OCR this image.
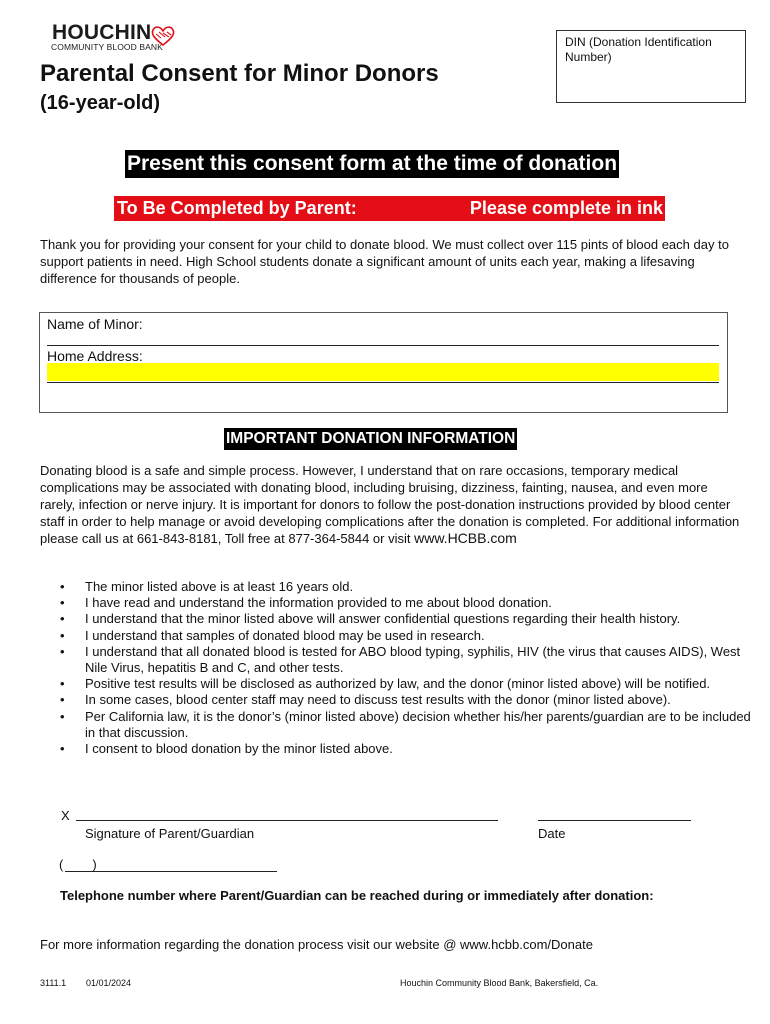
HOUCHIN
COMMUNITY BLOOD BANK	DIN (Donation Identification Number)
Parental Consent for Minor Donors
(16-year-old)
Present this consent form at the time of donation
To Be Completed by Parent:	Please complete in ink
Thank you for providing your consent for your child to donate blood. We must collect over 115 pints of blood each day to support patients in need. High School students donate a significant amount of units each year, making a lifesaving difference for thousands of people.
Name of Minor:
Home Address:
IMPORTANT DONATION INFORMATION
Donating blood is a safe and simple process. However, I understand that on rare occasions, temporary medical complications may be associated with donating blood, including bruising, dizziness, fainting, nausea, and even more rarely, infection or nerve injury. It is important for donors to follow the post-donation instructions provided by blood center staff in order to help manage or avoid developing complications after the donation is completed. For additional information please call us at 661-843-8181, Toll free at 877-364-5844 or visit www.HCBB.com
• The minor listed above is at least 16 years old.
• I have read and understand the information provided to me about blood donation.
• I understand that the minor listed above will answer confidential questions regarding their health history.
• I understand that samples of donated blood may be used in research.
• I understand that all donated blood is tested for ABO blood typing, syphilis, HIV (the virus that causes AIDS), West Nile Virus, hepatitis B and C, and other tests.
• Positive test results will be disclosed as authorized by law, and the donor (minor listed above) will be notified.
• In some cases, blood center staff may need to discuss test results with the donor (minor listed above).
• Per California law, it is the donor’s (minor listed above) decision whether his/her parents/guardian are to be included in that discussion.
• I consent to blood donation by the minor listed above.
X
Signature of Parent/Guardian	Date
( )
Telephone number where Parent/Guardian can be reached during or immediately after donation:
For more information regarding the donation process visit our website @ www.hcbb.com/Donate
3111.1 01/01/2024	Houchin Community Blood Bank, Bakersfield, Ca.
